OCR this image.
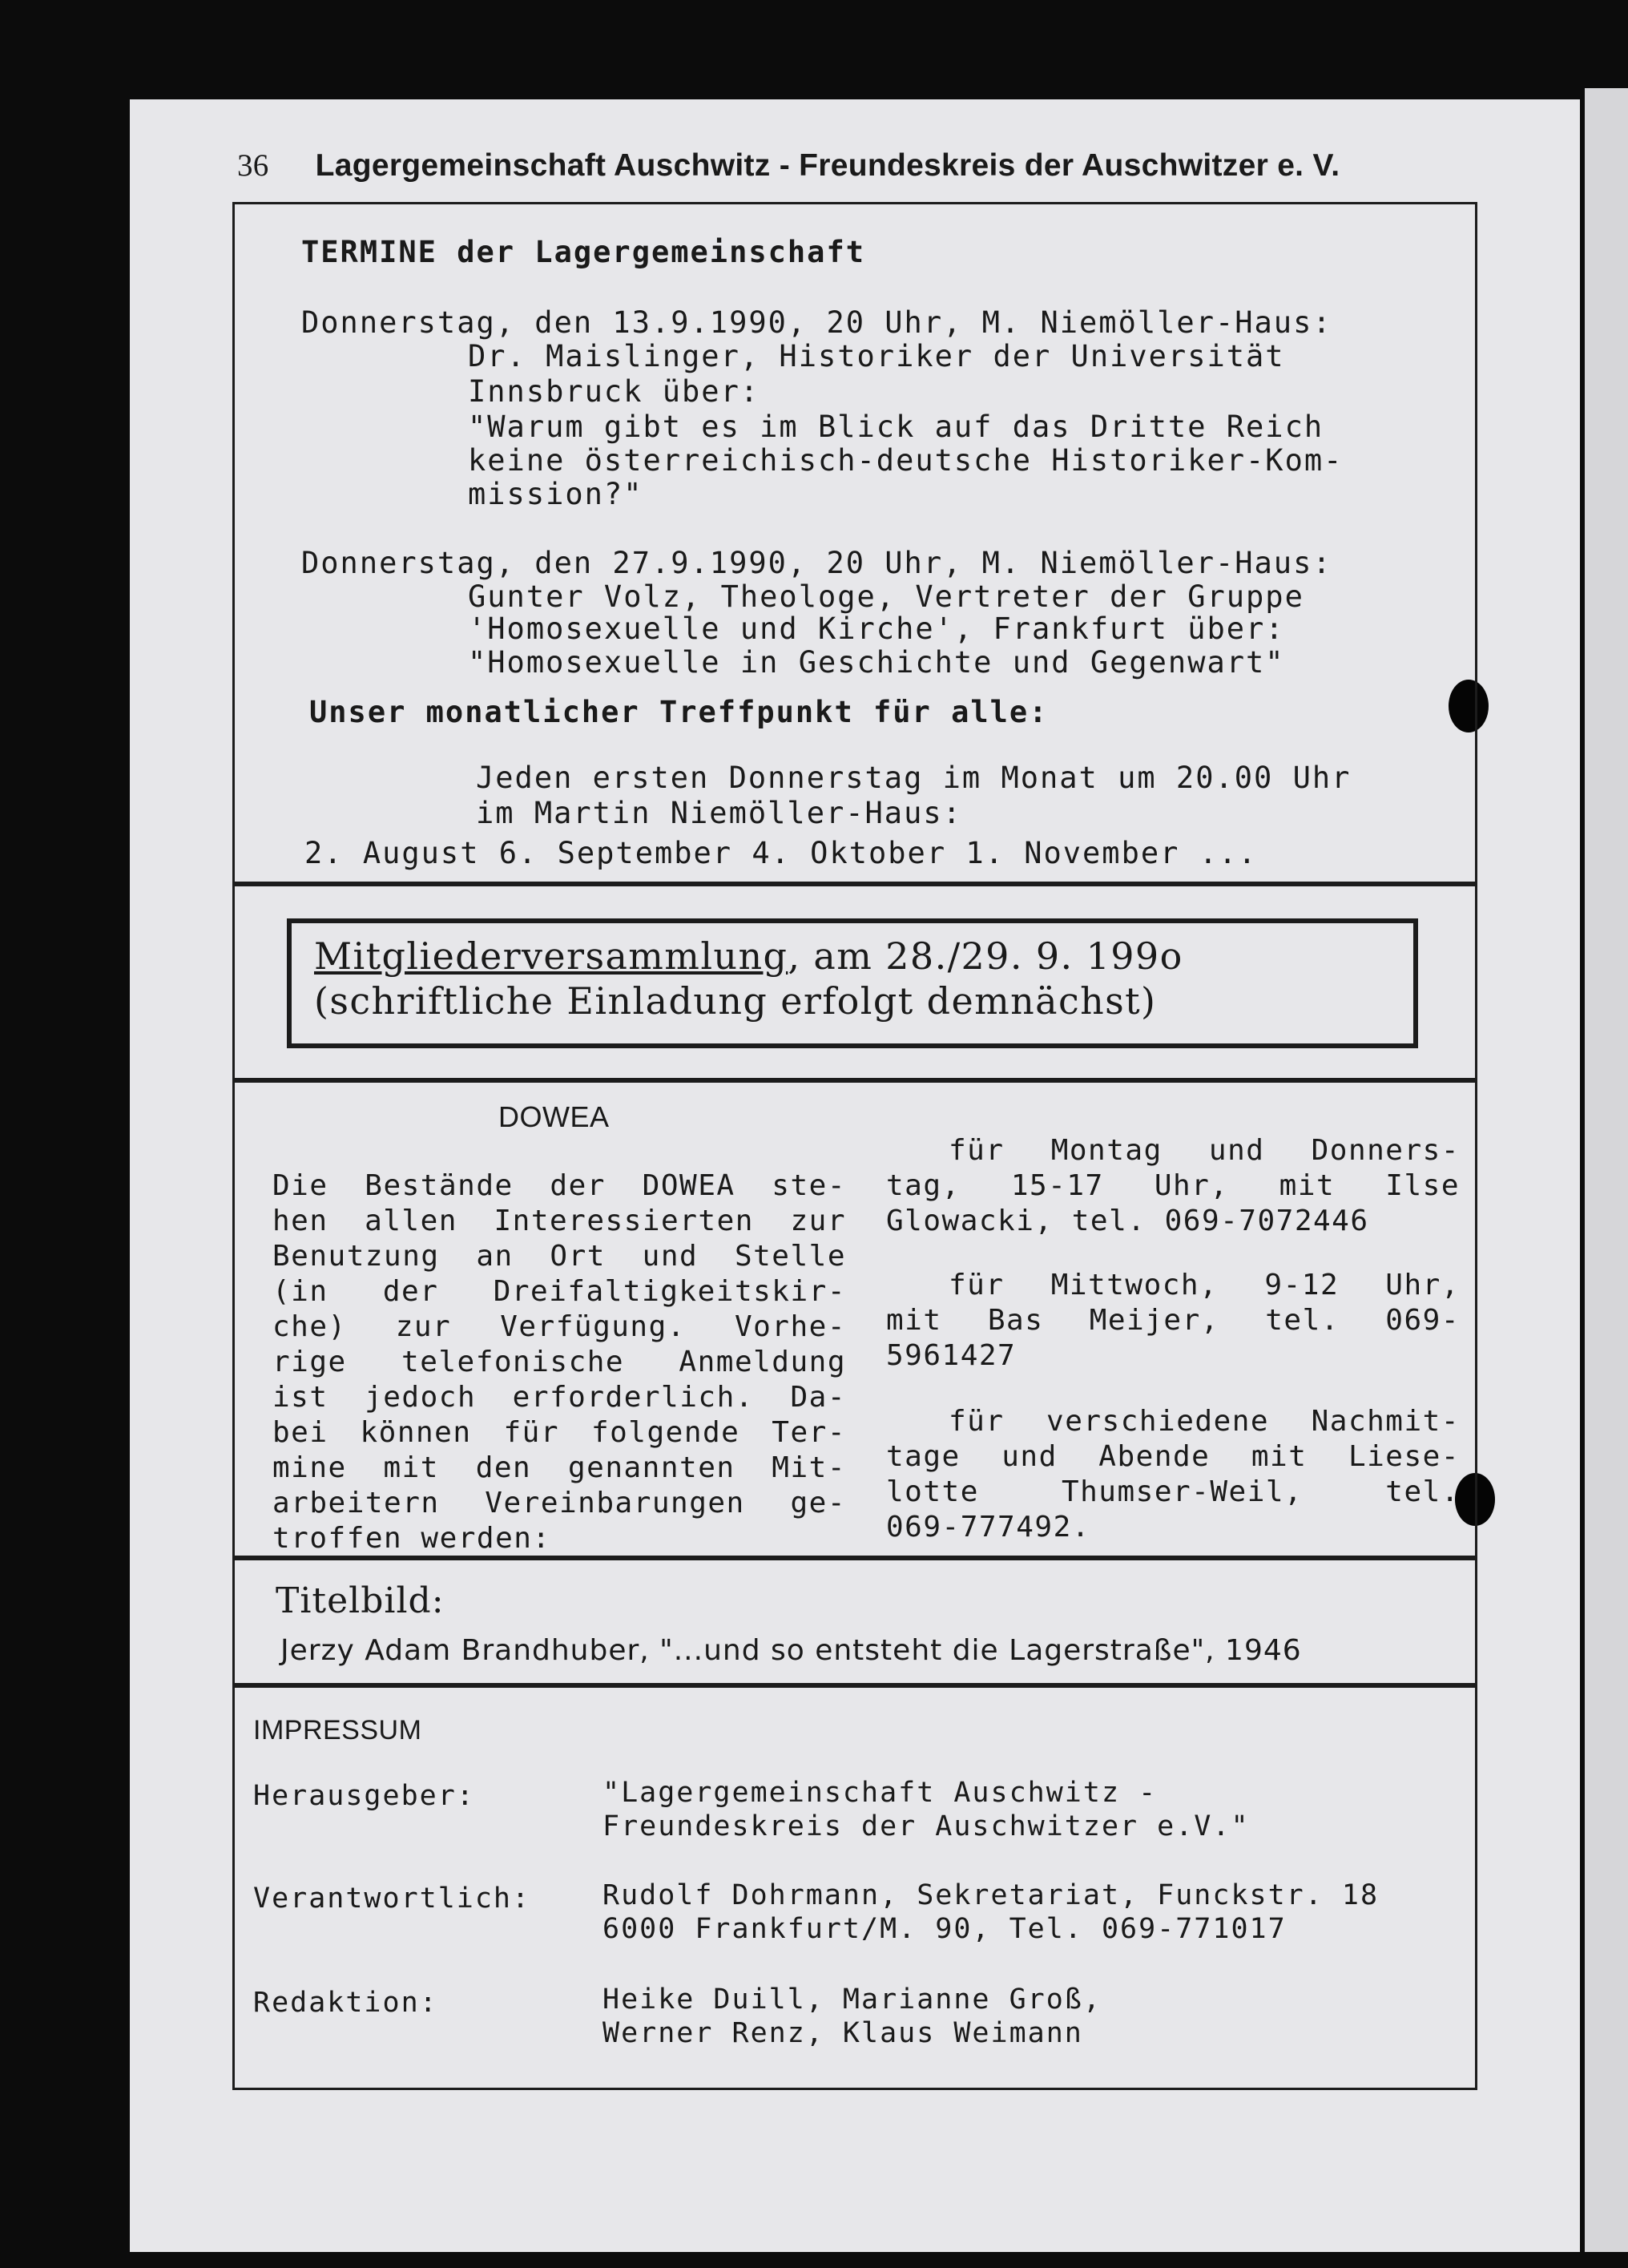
36 Lagergemeinschaft Auschwitz - Freundeskreis der Auschwitzer e. V.
TERMINE der Lagergemeinschaft
Donnerstag, den 13.9.1990, 20 Uhr, M. Niemöller-Haus:
Dr. Maislinger, Historiker der Universität
Innsbruck über:
"Warum gibt es im Blick auf das Dritte Reich
keine österreichisch-deutsche Historiker-Kom-
mission?"
Donnerstag, den 27.9.1990, 20 Uhr, M. Niemöller-Haus:
Gunter Volz, Theologe, Vertreter der Gruppe
'Homosexuelle und Kirche', Frankfurt über:
"Homosexuelle in Geschichte und Gegenwart"
Unser monatlicher Treffpunkt für alle:
Jeden ersten Donnerstag im Monat um 20.00 Uhr
im Martin Niemöller-Haus:
2. August 6. September 4. Oktober 1. November ...
Mitgliederversammlung, am 28./29. 9. 199o
(schriftliche Einladung erfolgt demnächst)
DOWEA
Die Bestände der DOWEA ste-
hen allen Interessierten zur
Benutzung an Ort und Stelle
(in der Dreifaltigkeitskir-
che) zur Verfügung. Vorhe-
rige telefonische Anmeldung
ist jedoch erforderlich. Da-
bei können für folgende Ter-
mine mit den genannten Mit-
arbeitern Vereinbarungen ge-
troffen werden:
für Montag und Donners-
tag, 15-17 Uhr, mit Ilse
Glowacki, tel. 069-7072446
für Mittwoch, 9-12 Uhr,
mit Bas Meijer, tel. 069-
5961427
für verschiedene Nachmit-
tage und Abende mit Liese-
lotte Thumser-Weil, tel.
069-777492.
Titelbild:
Jerzy Adam Brandhuber, "...und so entsteht die Lagerstraße", 1946
IMPRESSUM
Herausgeber:	"Lagergemeinschaft Auschwitz -
Freundeskreis der Auschwitzer e.V."
Verantwortlich:	Rudolf Dohrmann, Sekretariat, Funckstr. 18
6000 Frankfurt/M. 90, Tel. 069-771017
Redaktion:	Heike Duill, Marianne Groß,
Werner Renz, Klaus Weimann
